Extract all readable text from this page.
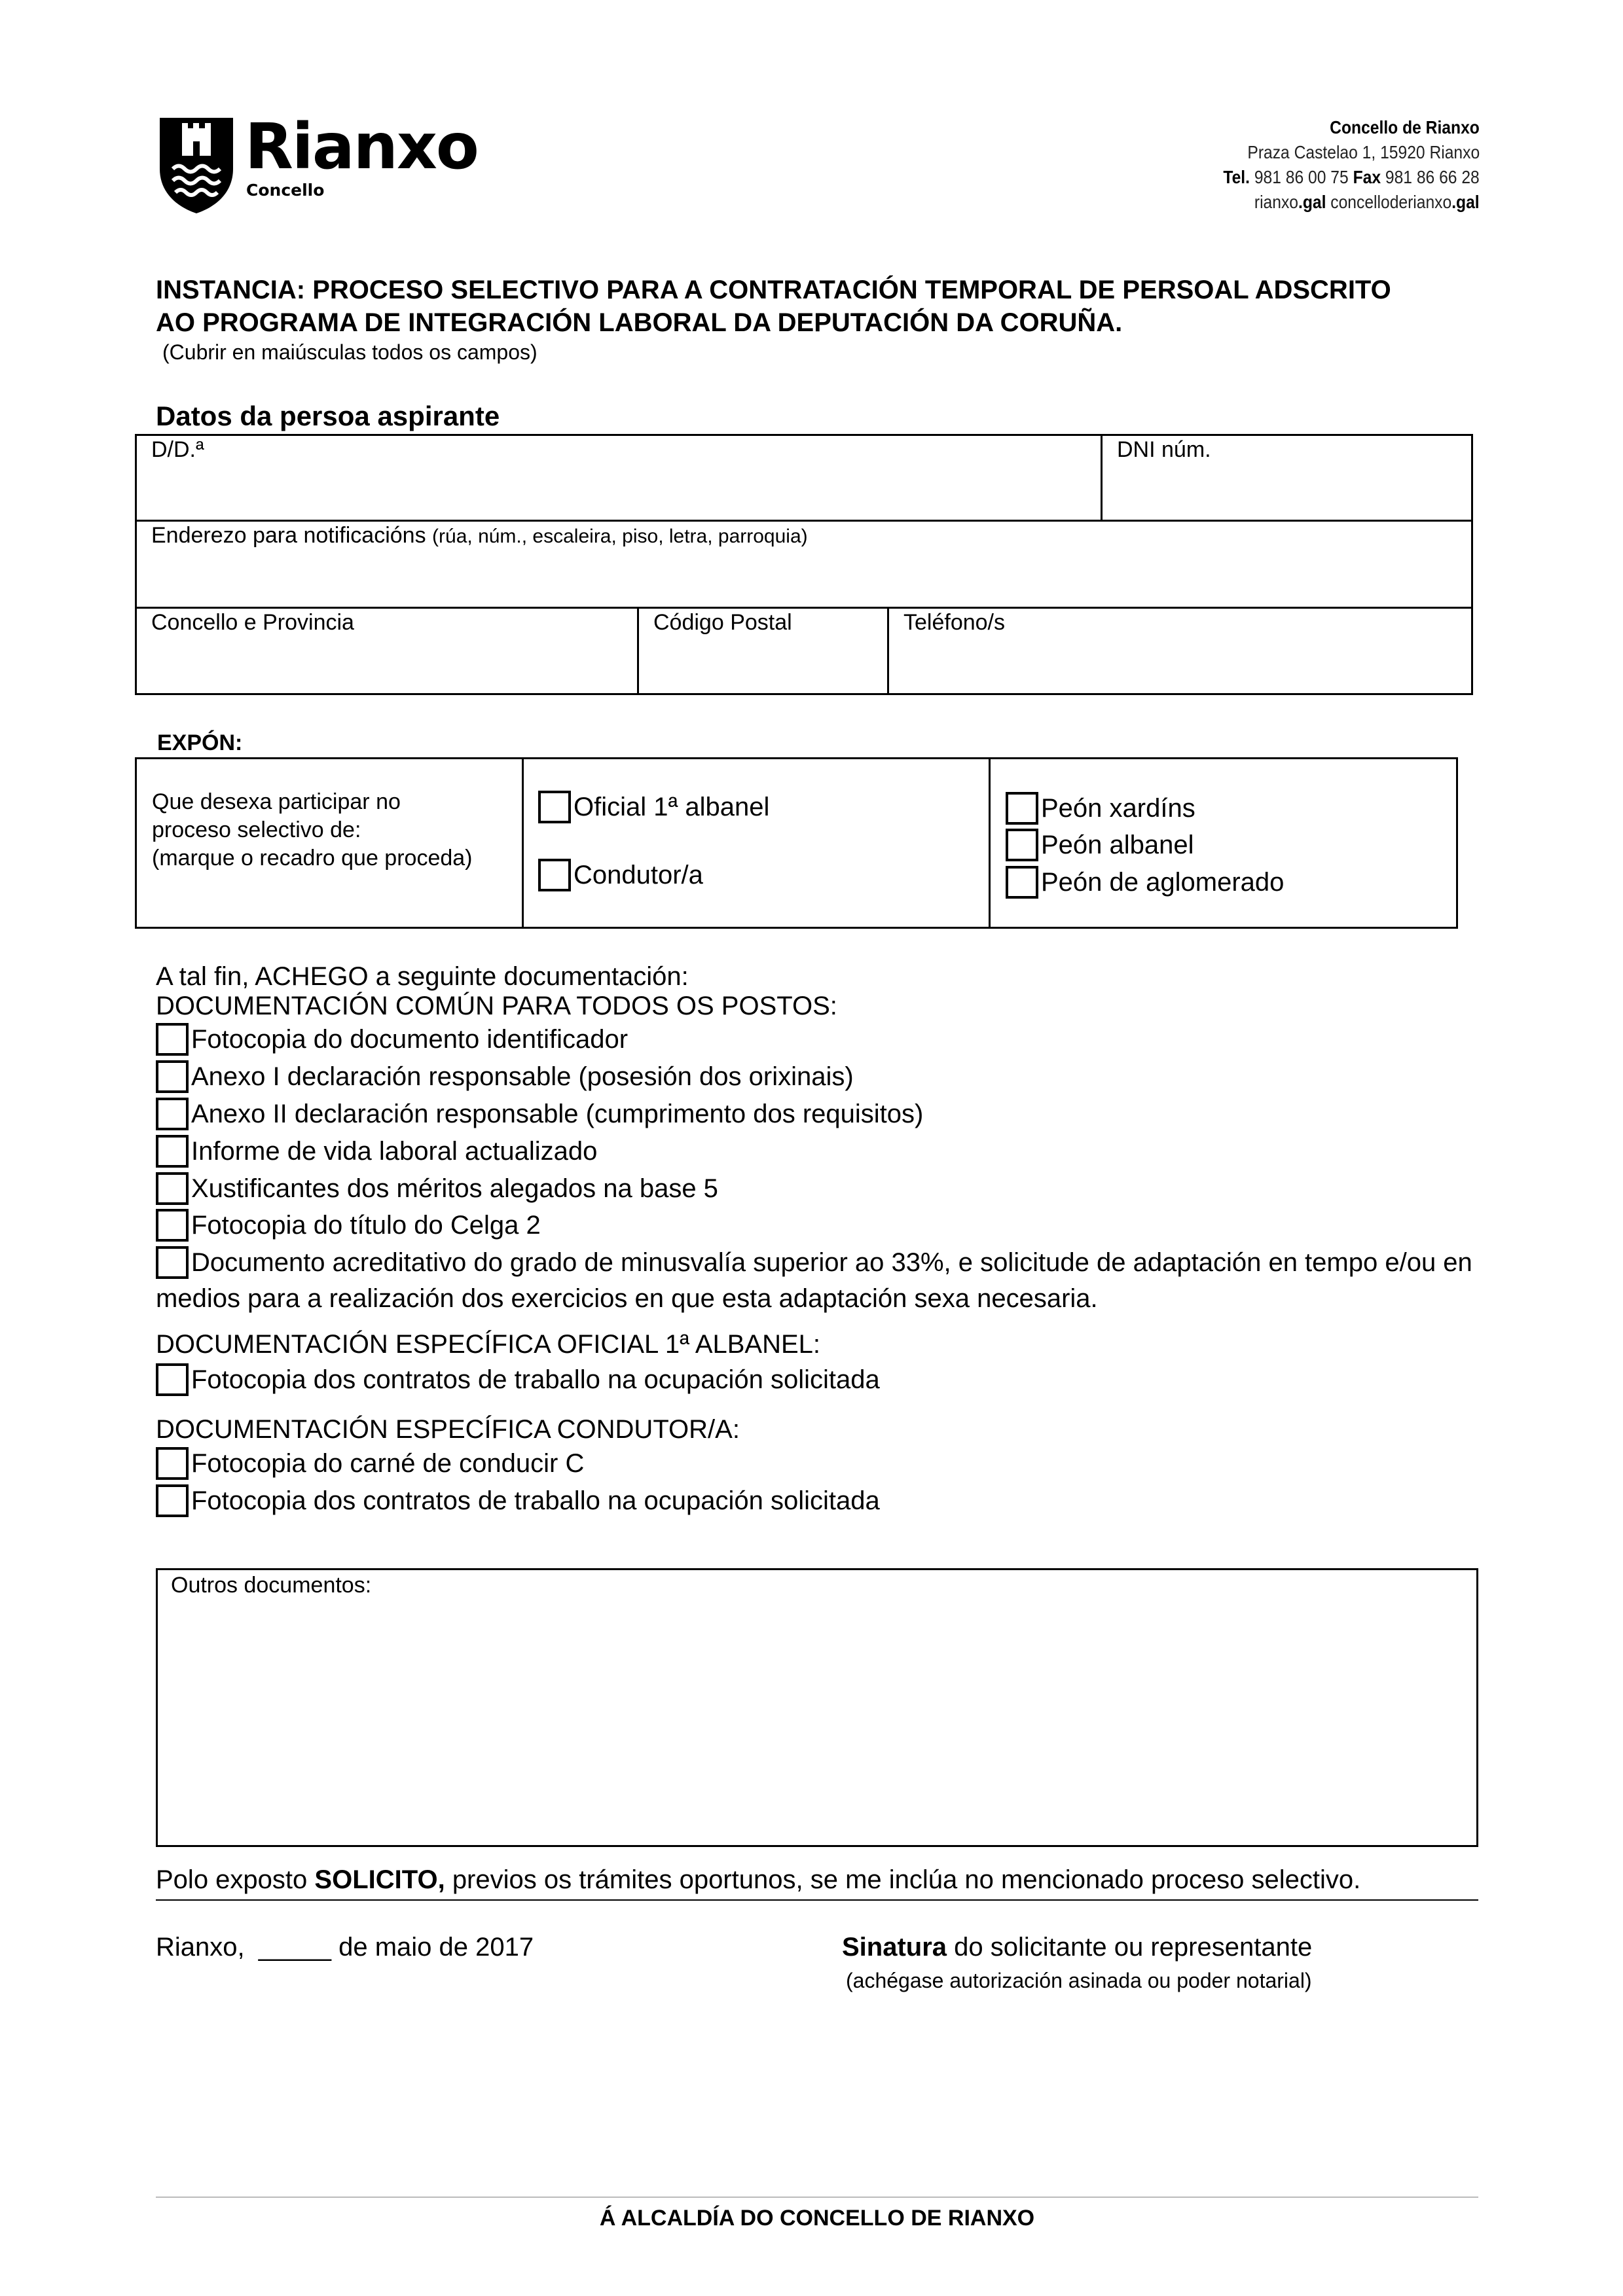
Rianxo
Concello
Concello de Rianxo
Praza Castelao 1, 15920 Rianxo
Tel. 981 86 00 75 Fax 981 86 66 28
rianxo.gal concelloderianxo.gal
INSTANCIA: PROCESO SELECTIVO PARA A CONTRATACIÓN TEMPORAL DE PERSOAL ADSCRITO
AO PROGRAMA DE INTEGRACIÓN LABORAL DA DEPUTACIÓN DA CORUÑA.
(Cubrir en maiúsculas todos os campos)
Datos da persoa aspirante
D/D.ª	DNI núm.
Enderezo para notificacións (rúa, núm., escaleira, piso, letra, parroquia)
Concello e Provincia	Código Postal	Teléfono/s
EXPÓN:
Que desexa participar no
proceso selectivo de:
(marque o recadro que proceda)
Oficial 1ª albanel
Condutor/a
Peón xardíns
Peón albanel
Peón de aglomerado
A tal fin, ACHEGO a seguinte documentación:
DOCUMENTACIÓN COMÚN PARA TODOS OS POSTOS:
Fotocopia do documento identificador
Anexo I declaración responsable (posesión dos orixinais)
Anexo II declaración responsable (cumprimento dos requisitos)
Informe de vida laboral actualizado
Xustificantes dos méritos alegados na base 5
Fotocopia do título do Celga 2
Documento acreditativo do grado de minusvalía superior ao 33%, e solicitude de adaptación en tempo e/ou en
medios para a realización dos exercicios en que esta adaptación sexa necesaria.
DOCUMENTACIÓN ESPECÍFICA OFICIAL 1ª ALBANEL:
Fotocopia dos contratos de traballo na ocupación solicitada
DOCUMENTACIÓN ESPECÍFICA CONDUTOR/A:
Fotocopia do carné de conducir C
Fotocopia dos contratos de traballo na ocupación solicitada
Outros documentos:
Polo exposto SOLICITO, previos os trámites oportunos, se me inclúa no mencionado proceso selectivo.
Rianxo, _____ de maio de 2017	Sinatura do solicitante ou representante
(achégase autorización asinada ou poder notarial)
Á ALCALDÍA DO CONCELLO DE RIANXO
